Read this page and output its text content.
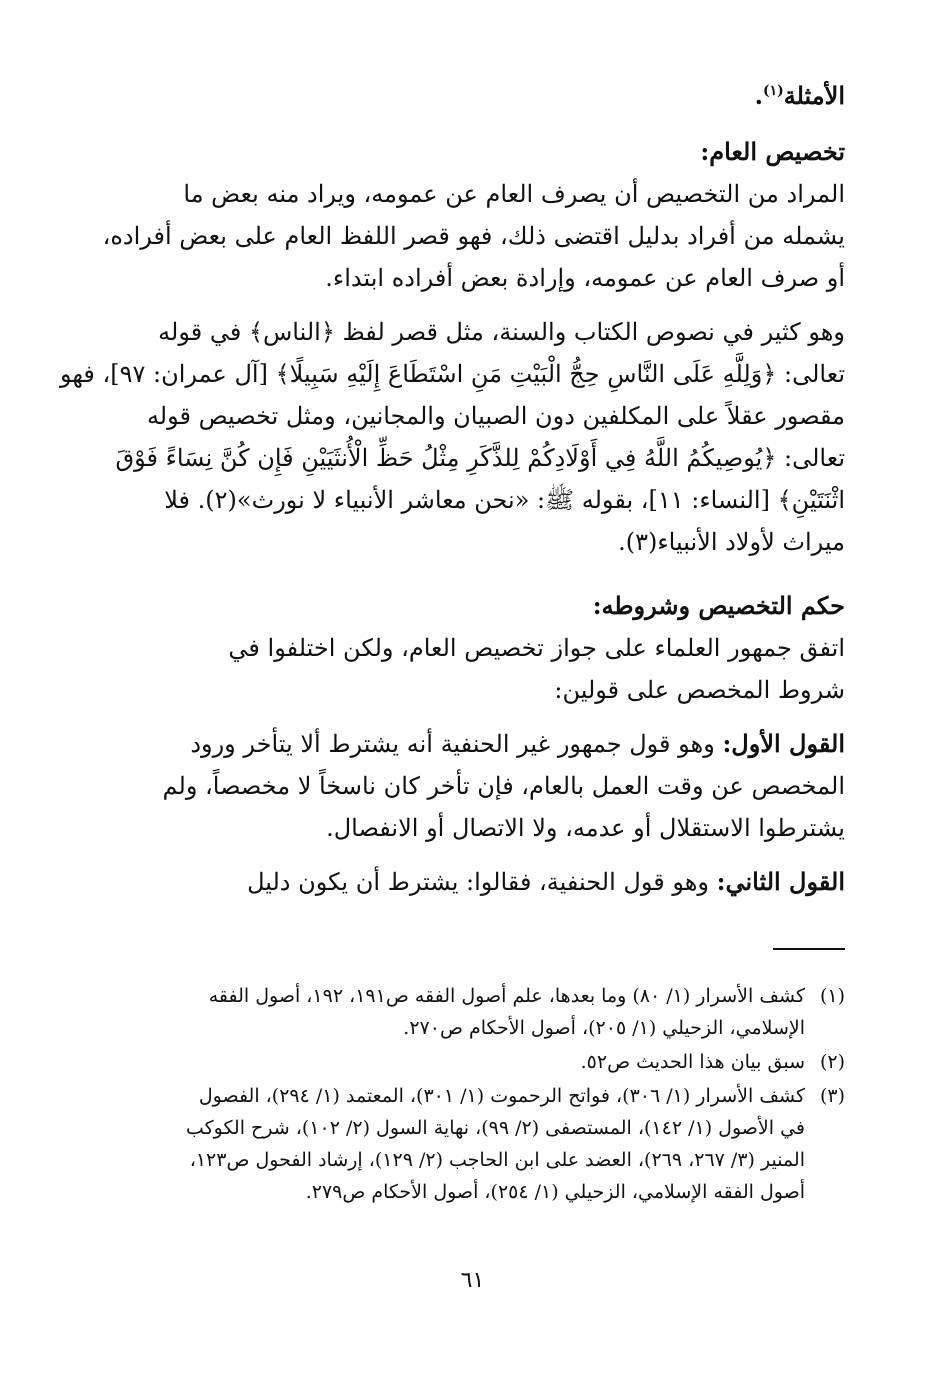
الأمثلة$^{(١)}$.

تخصيص العام:

المراد من التخصيص أن يصرف العام عن عمومه، ويراد منه بعض ما

يشمله من أفراد بدليل اقتضى ذلك، فهو قصر اللفظ العام على بعض أفراده،

أو صرف العام عن عمومه، وإرادة بعض أفراده ابتداء.

وهو كثير في نصوص الكتاب والسنة، مثل قصر لفظ ﴿الناس﴾ في قوله

تعالى: ﴿وَلِلَّهِ عَلَى النَّاسِ حِجُّ الْبَيْتِ مَنِ اسْتَطَاعَ إِلَيْهِ سَبِيلًا﴾ [آل عمران: ٩٧]، فهو

مقصور عقلاً على المكلفين دون الصبيان والمجانين، ومثل تخصيص قوله

تعالى: ﴿يُوصِيكُمُ اللَّهُ فِي أَوْلَادِكُمْ لِلذَّكَرِ مِثْلُ حَظِّ الْأُنثَيَيْنِ فَإِن كُنَّ نِسَاءً فَوْقَ

اثْنَتَيْنِ﴾ [النساء: ١١]، بقوله ﷺ: «نحن معاشر الأنبياء لا نورث»(٢). فلا

ميراث لأولاد الأنبياء(٣).

حكم التخصيص وشروطه:

اتفق جمهور العلماء على جواز تخصيص العام، ولكن اختلفوا في

شروط المخصص على قولين:

القول الأول: وهو قول جمهور غير الحنفية أنه يشترط ألا يتأخر ورود

المخصص عن وقت العمل بالعام، فإن تأخر كان ناسخاً لا مخصصاً، ولم

يشترطوا الاستقلال أو عدمه، ولا الاتصال أو الانفصال.

القول الثاني: وهو قول الحنفية، فقالوا: يشترط أن يكون دليل

(١)
كشف الأسرار (١/ ٨٠) وما بعدها، علم أصول الفقه ص١٩١، ١٩٢، أصول الفقه
الإسلامي، الزحيلي (١/ ٢٠٥)، أصول الأحكام ص٢٧٠.
(٢)
سبق بيان هذا الحديث ص٥٢.
(٣)
كشف الأسرار (١/ ٣٠٦)، فواتح الرحموت (١/ ٣٠١)، المعتمد (١/ ٢٩٤)، الفصول
في الأصول (١/ ١٤٢)، المستصفى (٢/ ٩٩)، نهاية السول (٢/ ١٠٢)، شرح الكوكب
المنير (٣/ ٢٦٧، ٢٦٩)، العضد على ابن الحاجب (٢/ ١٢٩)، إرشاد الفحول ص١٢٣،
أصول الفقه الإسلامي، الزحيلي (١/ ٢٥٤)، أصول الأحكام ص٢٧٩.
٦١
